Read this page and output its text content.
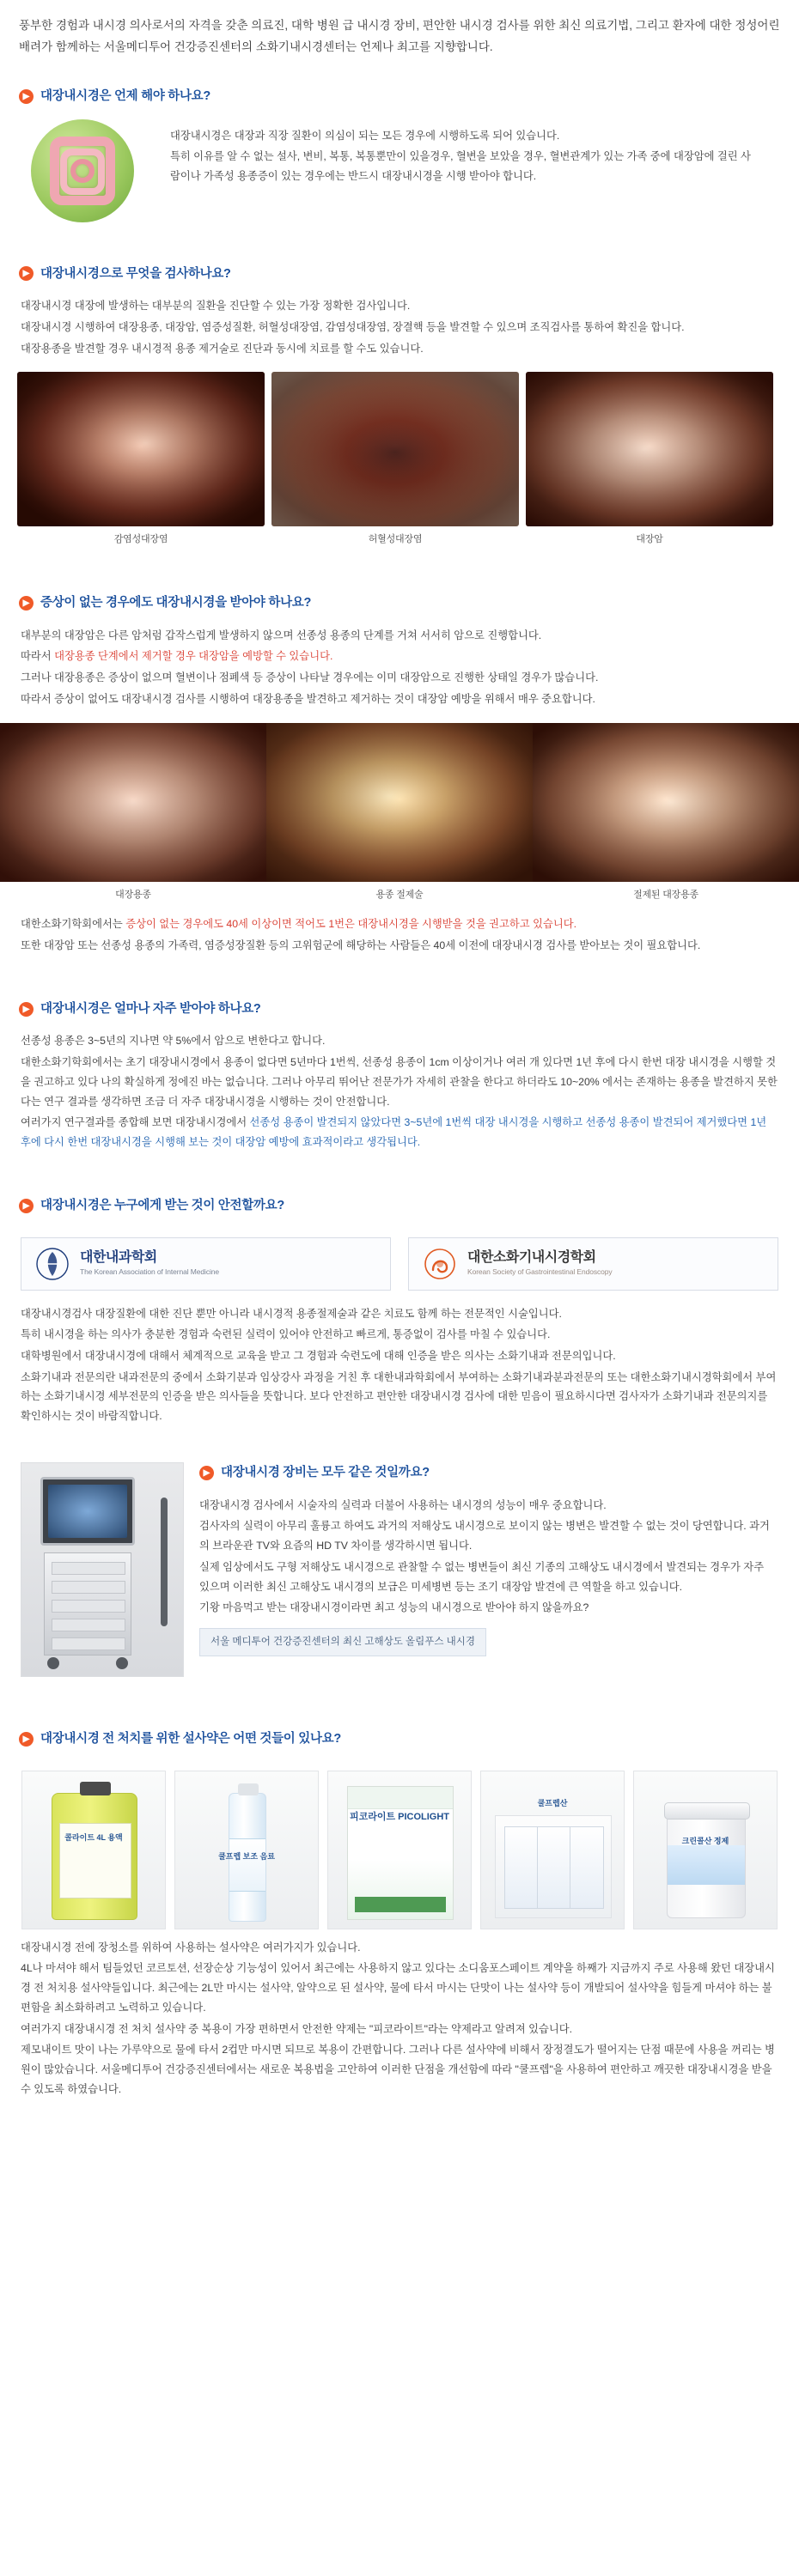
풍부한 경험과 내시경 의사로서의 자격을 갖춘 의료진, 대학 병원 급 내시경 장비, 편안한 내시경 검사를 위한 최신 의료기법, 그리고 환자에 대한 정성어린 배려가 함께하는 서울메디투어 건강증진센터의 소화기내시경센터는 언제나 최고를 지향합니다.

▶ 대장내시경은 언제 해야 하나요?

대장내시경은 대장과 직장 질환이 의심이 되는 모든 경우에 시행하도록 되어 있습니다.

특히 이유를 알 수 없는 설사, 변비, 복통, 복통뿐만이 있을경우, 혈변을 보았을 경우, 혈변관계가 있는 가족 중에 대장암에 걸린 사람이나 가족성 용종증이 있는 경우에는 반드시 대장내시경을 시행 받아야 합니다.

▶ 대장내시경으로 무엇을 검사하나요?

대장내시경 대장에 발생하는 대부분의 질환을 진단할 수 있는 가장 정확한 검사입니다.

대장내시경 시행하여 대장용종, 대장암, 염증성질환, 허혈성대장염, 감염성대장염, 장결핵 등을 발견할 수 있으며 조직검사를 통하여 확진을 합니다.

대장용종을 발견할 경우 내시경적 용종 제거술로 진단과 동시에 치료를 할 수도 있습니다.

감염성대장염	허혈성대장염	대장암
▶ 증상이 없는 경우에도 대장내시경을 받아야 하나요?

대부분의 대장암은 다른 암처럼 갑작스럽게 발생하지 않으며 선종성 용종의 단계를 거쳐 서서히 암으로 진행합니다.

따라서 대장용종 단계에서 제거할 경우 대장암을 예방할 수 있습니다.

그러나 대장용종은 증상이 없으며 혈변이나 점폐색 등 증상이 나타날 경우에는 이미 대장암으로 진행한 상태일 경우가 많습니다.

따라서 증상이 없어도 대장내시경 검사를 시행하여 대장용종을 발견하고 제거하는 것이 대장암 예방을 위해서 매우 중요합니다.

대장용종	용종 절제술	절제된 대장용종

대한소화기학회에서는 증상이 없는 경우에도 40세 이상이면 적어도 1번은 대장내시경을 시행받을 것을 권고하고 있습니다.

또한 대장암 또는 선종성 용종의 가족력, 염증성장질환 등의 고위험군에 해당하는 사람들은 40세 이전에 대장내시경 검사를 받아보는 것이 필요합니다.

▶ 대장내시경은 얼마나 자주 받아야 하나요?

선종성 용종은 3~5년의 지나면 약 5%에서 암으로 변한다고 합니다.

대한소화기학회에서는 초기 대장내시경에서 용종이 없다면 5년마다 1번씩, 선종성 용종이 1cm 이상이거나 여러 개 있다면 1년 후에 다시 한번 대장 내시경을 시행할 것을 권고하고 있다 나의 확실하게 정에진 바는 없습니다. 그러나 아무리 뛰어난 전문가가 자세히 관찰을 한다고 하더라도 10~20% 에서는 존재하는 용종을 발견하지 못한다는 연구 결과를 생각하면 조금 더 자주 대장내시경을 시행하는 것이 안전합니다.

여러가지 연구결과를 종합해 보면 대장내시경에서 선종성 용종이 발견되지 않았다면 3~5년에 1번씩 대장 내시경을 시행하고 선종성 용종이 발견되어 제거했다면 1년 후에 다시 한번 대장내시경을 시행해 보는 것이 대장암 예방에 효과적이라고 생각됩니다.

▶ 대장내시경은 누구에게 받는 것이 안전할까요?
대한내과학회
The Korean Association of Internal Medicine
대한소화기내시경학회
Korean Society of Gastrointestinal Endoscopy

대장내시경검사 대장질환에 대한 진단 뿐만 아니라 내시경적 용종절제술과 같은 치료도 함께 하는 전문적인 시술입니다.

특히 내시경을 하는 의사가 충분한 경험과 숙련된 실력이 있어야 안전하고 빠르게, 통증없이 검사를 마칠 수 있습니다.

대학병원에서 대장내시경에 대해서 체계적으로 교육을 받고 그 경험과 숙련도에 대해 인증을 받은 의사는 소화기내과 전문의입니다.

소화기내과 전문의란 내과전문의 중에서 소화기분과 임상강사 과정을 거친 후 대한내과학회에서 부여하는 소화기내과분과전문의 또는 대한소화기내시경학회에서 부여하는 소화기내시경 세부전문의 인증을 받은 의사들을 뜻합니다. 보다 안전하고 편안한 대장내시경 검사에 대한 믿음이 필요하시다면 검사자가 소화기내과 전문의지를 확인하시는 것이 바람직합니다.

▶ 대장내시경 장비는 모두 같은 것일까요?

대장내시경 검사에서 시술자의 실력과 더불어 사용하는 내시경의 성능이 매우 중요합니다.

검사자의 실력이 아무리 훌륭고 하여도 과거의 저해상도 내시경으로 보이지 않는 병변은 발견할 수 없는 것이 당연합니다. 과거의 브라운관 TV와 요즘의 HD TV 차이를 생각하시면 됩니다.

실제 임상에서도 구형 저해상도 내시경으로 관찰할 수 없는 병변들이 최신 기종의 고해상도 내시경에서 발견되는 경우가 자주 있으며 이러한 최신 고해상도 내시경의 보급은 미세병변 등는 조기 대장암 발견에 큰 역할을 하고 있습니다.

기왕 마음먹고 받는 대장내시경이라면 최고 성능의 내시경으로 받아야 하지 않을까요?

서울 메디투어 건강증진센터의 최신 고해상도 올림푸스 내시경
▶ 대장내시경 전 처치를 위한 설사약은 어떤 것들이 있나요?
콜라이트 4L 용액
쿨프렙 보조 음료
피코라이트 PICOLIGHT
쿨프렙산
크린콜산 정제

대장내시경 전에 장청소를 위하여 사용하는 설사약은 여러가지가 있습니다.

4L나 마셔야 해서 팀들었던 코르토션, 선장순상 기능성이 있어서 최근에는 사용하지 않고 있다는 소디움포스페이트 계약을 하째가 지금까지 주로 사용해 왔던 대장내시경 전 처치용 설사약들입니다. 최근에는 2L만 마시는 설사약, 알약으로 된 설사약, 물에 타서 마시는 단맛이 나는 설사약 등이 개발되어 설사약을 힘들게 마셔야 하는 불편함을 최소화하려고 노력하고 있습니다.

여러가지 대장내시경 전 처치 설사약 중 복용이 가장 편하면서 안전한 약제는 "피코라이트"라는 약제라고 알려져 있습니다.

제모내이트 맛이 나는 가루약으로 물에 타서 2컵만 마시면 되므로 복용이 간편합니다. 그러나 다른 설사약에 비해서 장정결도가 떨어지는 단점 때문에 사용을 꺼리는 병원이 많았습니다. 서울메디투어 건강증진센터에서는 새로운 복용법을 고안하여 이러한 단점을 개선함에 따라 "쿨프렙"을 사용하여 편안하고 깨끗한 대장내시경을 받을 수 있도록 하였습니다.
